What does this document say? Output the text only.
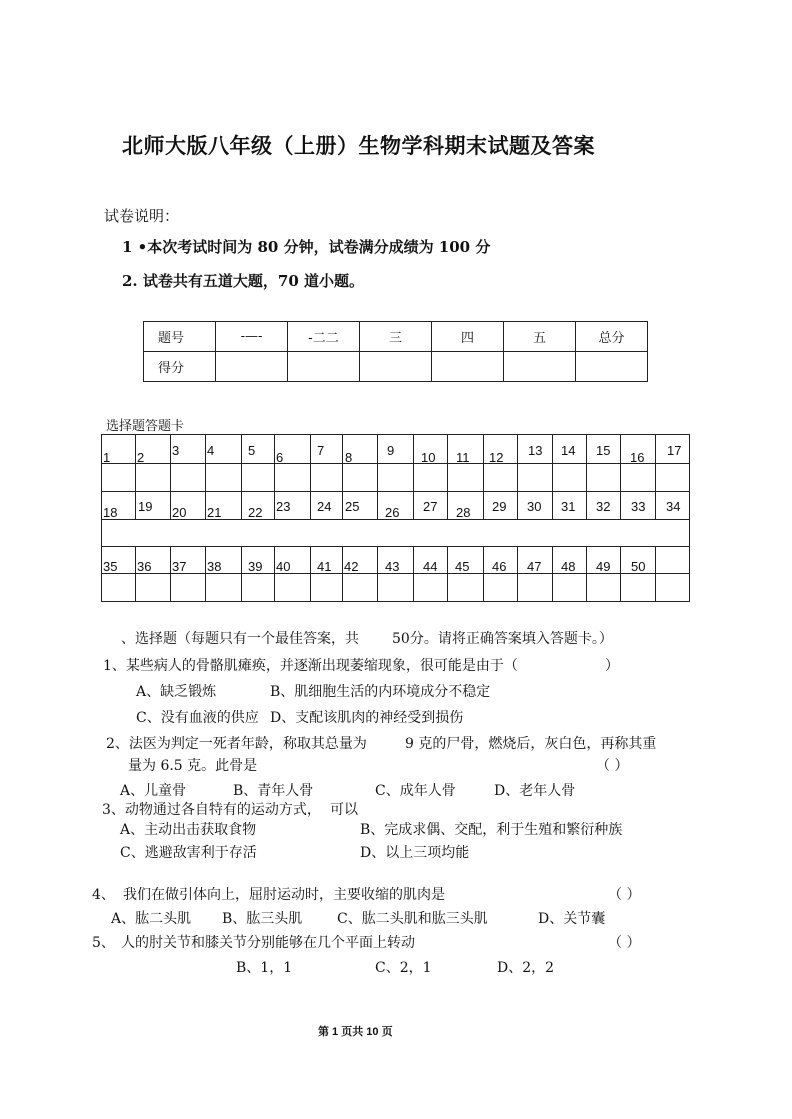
北师大版八年级（上册）生物学科期末试题及答案
试卷说明：
1 •本次考试时间为 80 分钟，试卷满分成绩为 100 分
2. 试卷共有五道大题，70 道小题。
题号	-—-	-二二	三	四	五	总分
得分						
选择题答题卡
1 2 3 4	5 6	7 8	9 10 11 12 13 14 15 16 17
18 19 20 21 22 23 24 25 26 27 28 29 30 31 32 33 34
35 36 37 38 39 40 41 42 43 44 45 46 47 48 49 50
、选择题（每题只有一个最佳答案，共 50分。请将正确答案填入答题卡。）
1、某些病人的骨骼肌瘫痪，并逐渐出现萎缩现象，很可能是由于（	）
A、缺乏锻炼	B、肌细胞生活的内环境成分不稳定
C、没有血液的供应 D、支配该肌肉的神经受到损伤
2、法医为判定一死者年龄，称取其总量为	9 克的尸骨，燃烧后，灰白色，再称其重
量为 6.5 克。此骨是	（ ）
A、儿童骨	B、青年人骨	C、成年人骨	D、老年人骨
3、动物通过各自特有的运动方式， 可以
A、主动出击获取食物	B、完成求偶、交配，利于生殖和繁衍种族
C、逃避敌害利于存活	D、以上三项均能
4、 我们在做引体向上，屈肘运动时，主要收缩的肌肉是	（ ）
A、肱二头肌 B、肱三头肌 C、肱二头肌和肱三头肌	D、关节囊
5、 人的肘关节和膝关节分别能够在几个平面上转动	（ ）
B、1，1	C、2，1	D、2，2
第 1 页共 10 页
